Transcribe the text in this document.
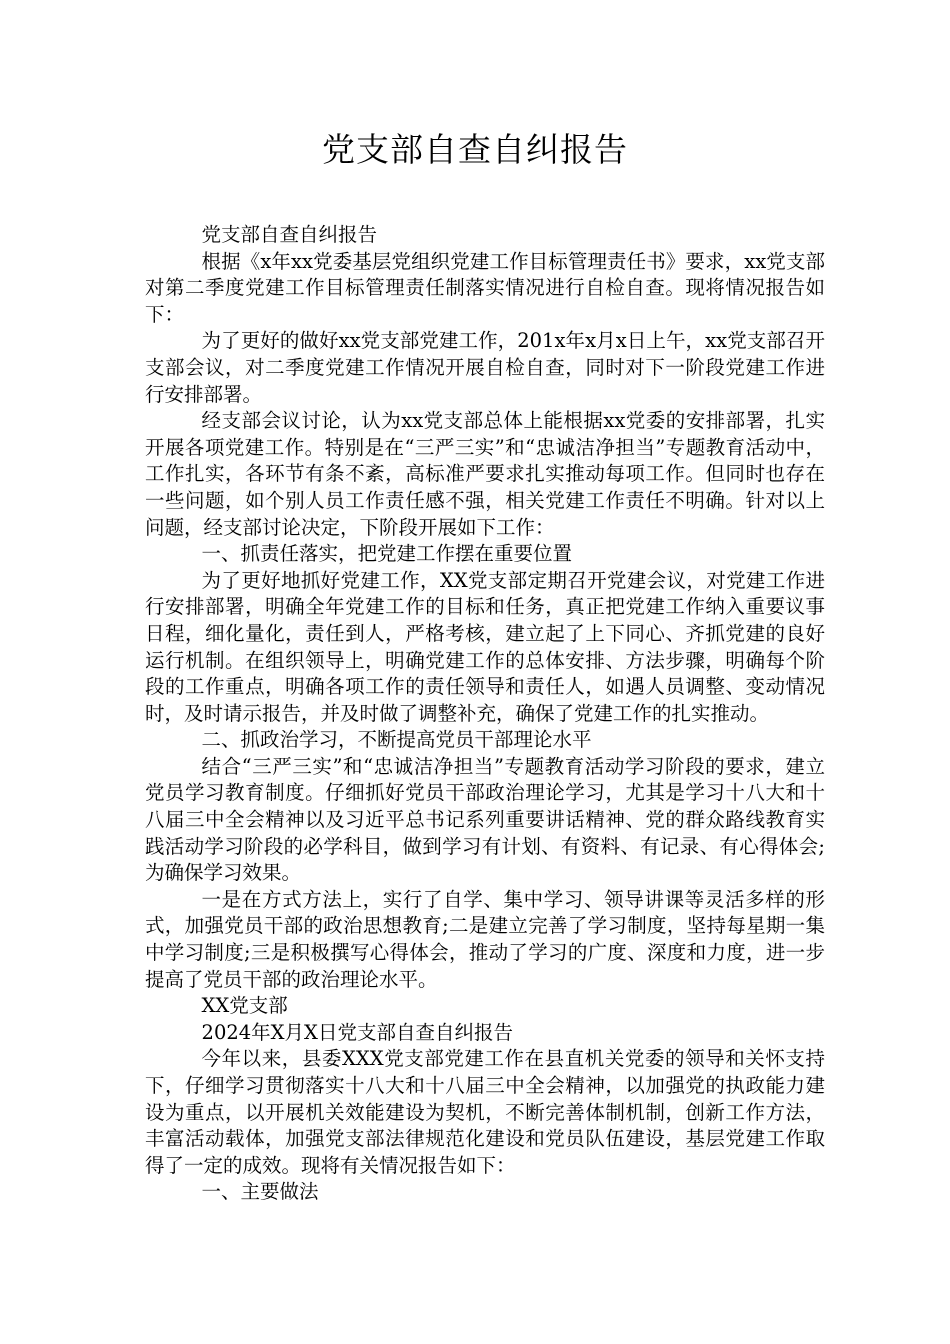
党支部自查自纠报告

党支部自查自纠报告

根据《x年xx党委基层党组织党建工作目标管理责任书》要求，xx党支部对第二季度党建工作目标管理责任制落实情况进行自检自查。现将情况报告如下：

为了更好的做好xx党支部党建工作，201x年x月x日上午，xx党支部召开支部会议，对二季度党建工作情况开展自检自查，同时对下一阶段党建工作进行安排部署。

经支部会议讨论，认为xx党支部总体上能根据xx党委的安排部署，扎实开展各项党建工作。特别是在“三严三实”和“忠诚洁净担当”专题教育活动中，工作扎实，各环节有条不紊，高标准严要求扎实推动每项工作。但同时也存在一些问题，如个别人员工作责任感不强，相关党建工作责任不明确。针对以上问题，经支部讨论决定，下阶段开展如下工作：

一、抓责任落实，把党建工作摆在重要位置

为了更好地抓好党建工作，XX党支部定期召开党建会议，对党建工作进行安排部署，明确全年党建工作的目标和任务，真正把党建工作纳入重要议事日程，细化量化，责任到人，严格考核，建立起了上下同心、齐抓党建的良好运行机制。在组织领导上，明确党建工作的总体安排、方法步骤，明确每个阶段的工作重点，明确各项工作的责任领导和责任人，如遇人员调整、变动情况时，及时请示报告，并及时做了调整补充，确保了党建工作的扎实推动。

二、抓政治学习，不断提高党员干部理论水平

结合“三严三实”和“忠诚洁净担当”专题教育活动学习阶段的要求，建立党员学习教育制度。仔细抓好党员干部政治理论学习，尤其是学习十八大和十八届三中全会精神以及习近平总书记系列重要讲话精神、党的群众路线教育实践活动学习阶段的必学科目，做到学习有计划、有资料、有记录、有心得体会;为确保学习效果。

一是在方式方法上，实行了自学、集中学习、领导讲课等灵活多样的形式，加强党员干部的政治思想教育;二是建立完善了学习制度，坚持每星期一集中学习制度;三是积极撰写心得体会，推动了学习的广度、深度和力度，进一步提高了党员干部的政治理论水平。

XX党支部

2024年X月X日党支部自查自纠报告

今年以来，县委XXX党支部党建工作在县直机关党委的领导和关怀支持下，仔细学习贯彻落实十八大和十八届三中全会精神，以加强党的执政能力建设为重点，以开展机关效能建设为契机，不断完善体制机制，创新工作方法，丰富活动载体，加强党支部法律规范化建设和党员队伍建设，基层党建工作取得了一定的成效。现将有关情况报告如下：

一、主要做法
